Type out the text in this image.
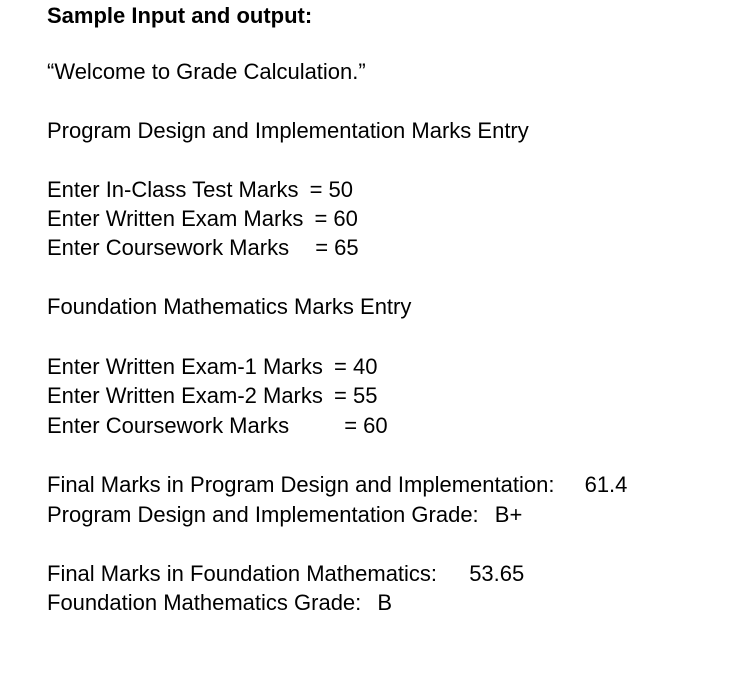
Sample Input and output:
“Welcome to Grade Calculation.”
Program Design and Implementation Marks Entry
Enter In-Class Test Marks = 50
Enter Written Exam Marks = 60
Enter Coursework Marks = 65
Foundation Mathematics Marks Entry
Enter Written Exam-1 Marks = 40
Enter Written Exam-2 Marks = 55
Enter Coursework Marks	= 60
Final Marks in Program Design and Implementation: 61.4
Program Design and Implementation Grade: B+
Final Marks in Foundation Mathematics: 53.65
Foundation Mathematics Grade: B
